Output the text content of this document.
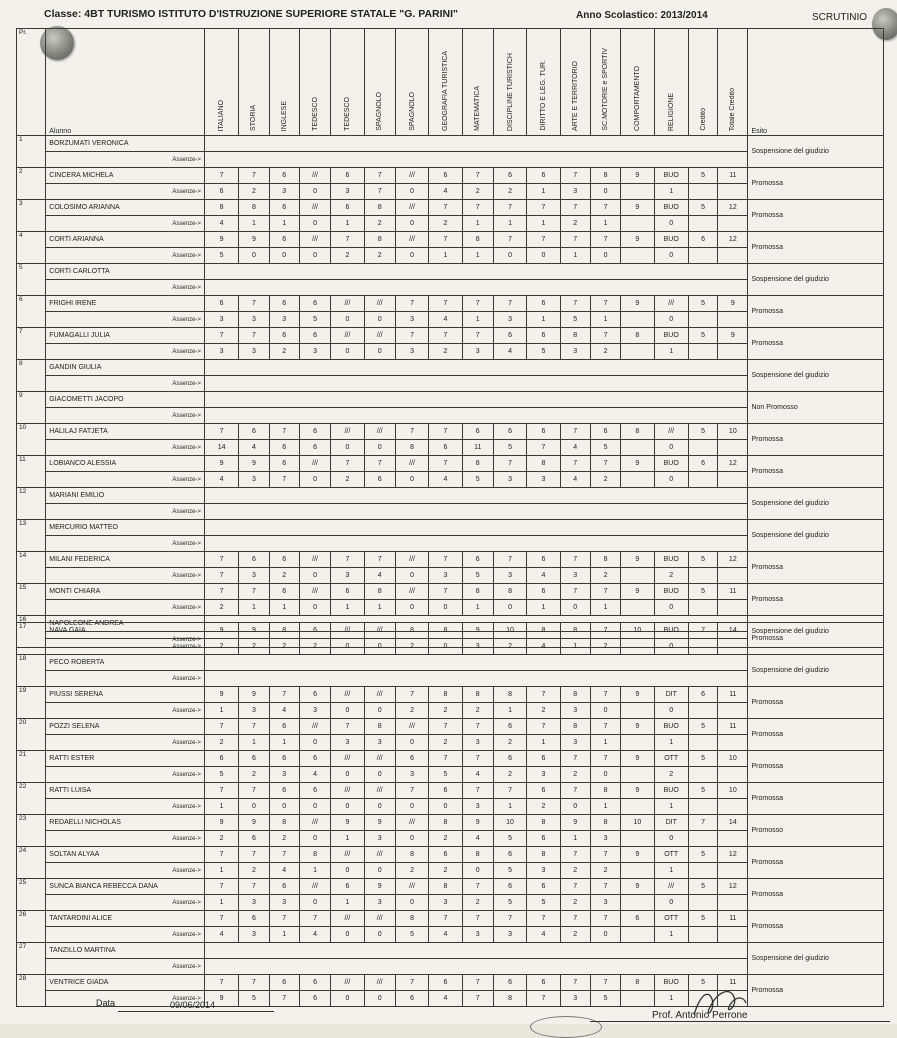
Classe: 4BT TURISMO ISTITUTO D'ISTRUZIONE SUPERIORE STATALE "G. PARINI"	Anno Scolastico: 2013/2014	SCRUTINIO
Pr.	Alunno	ITALIANO	STORIA	INGLESE	TEDESCO	TEDESCO	SPAGNOLO	SPAGNOLO	GEOGRAFIA TURISTICA	MATEMATICA	DISCIPLINE TURISTICH	DIRITTO E LEG. TUR.	ARTE E TERRITORIO	SC.MOTORIE e SPORTIV	COMPORTAMENTO	RELIGIONE	Credito	Totale Credito	Esito
1	BORZUMATI VERONICA																		Sospensione del giudizio
	Assenze->																		
2	CINCERA MICHELA	7	7	6	///	6	7	///	6	7	6	6	7	8	9	BUO	5	11	Promossa
	Assenze->	6	2	3	0	3	7	0	4	2	2	1	3	0		1			
3	COLOSIMO ARIANNA	8	8	6	///	6	8	///	7	7	7	7	7	7	9	BUO	5	12	Promossa
	Assenze->	4	1	1	0	1	2	0	2	1	1	1	2	1		0			
4	CORTI ARIANNA	9	9	6	///	7	8	///	7	8	7	7	7	7	9	BUO	6	12	Promossa
	Assenze->	5	0	0	0	2	2	0	1	1	0	0	1	0		0			
5	CORTI CARLOTTA																		Sospensione del giudizio
	Assenze->																		
6	FRIGHI IRENE	6	7	6	6	///	///	7	7	7	7	6	7	7	9	///	5	9	Promossa
	Assenze->	3	3	3	5	0	0	3	4	1	3	1	5	1		0			
7	FUMAGALLI JULIA	7	7	6	6	///	///	7	7	7	6	6	8	7	8	BUO	5	9	Promossa
	Assenze->	3	3	2	3	0	0	3	2	3	4	5	3	2		1			
8	GANDIN GIULIA																		Sospensione del giudizio
	Assenze->																		
9	GIACOMETTI JACOPO																		Non Promosso
	Assenze->																		
10	HALILAJ FATJETA	7	6	7	6	///	///	7	7	6	6	6	7	6	8	///	5	10	Promossa
	Assenze->	14	4	6	6	0	0	8	6	11	5	7	4	5		0			
11	LOBIANCO ALESSIA	9	9	6	///	7	7	///	7	8	7	8	7	7	9	BUO	6	12	Promossa
	Assenze->	4	3	7	0	2	6	0	4	5	3	3	4	2		0			
12	MARIANI EMILIO																		Sospensione del giudizio
	Assenze->																		
13	MERCURIO MATTEO																		Sospensione del giudizio
	Assenze->																		
14	MILANI FEDERICA	7	6	6	///	7	7	///	7	6	7	6	7	8	9	BUO	5	12	Promossa
	Assenze->	7	3	2	0	3	4	0	3	5	3	4	3	2		2			
15	MONTI CHIARA	7	7	6	///	6	8	///	7	8	8	6	7	7	9	BUO	5	11	Promossa
	Assenze->	2	1	1	0	1	1	0	0	1	0	1	0	1		0			
16	NAPOLEONE ANDREA																		Sospensione del giudizio
	Assenze->																		
17	NAVA GAIA	9	9	8	6	///	///	8	8	9	10	8	8	7	10	BUO	7	14	Promossa
	Assenze->	2	2	2	2	0	0	2	0	3	2	4	1	2		0			
18	PECO ROBERTA																		Sospensione del giudizio
	Assenze->																		
19	PIUSSI SERENA	9	9	7	6	///	///	7	8	8	8	7	8	7	9	DIT	6	11	Promossa
	Assenze->	1	3	4	3	0	0	2	2	2	1	2	3	0		0			
20	POZZI SELENA	7	7	6	///	7	8	///	7	7	6	7	8	7	9	BUO	5	11	Promossa
	Assenze->	2	1	1	0	3	3	0	2	3	2	1	3	1		1			
21	RATTI ESTER	6	6	6	6	///	///	6	7	7	6	6	7	7	9	OTT	5	10	Promossa
	Assenze->	5	2	3	4	0	0	3	5	4	2	3	2	0		2			
22	RATTI LUISA	7	7	6	6	///	///	7	6	7	7	6	7	8	9	BUO	5	10	Promossa
	Assenze->	1	0	0	0	0	0	0	0	3	1	2	0	1		1			
23	REDAELLI NICHOLAS	9	9	8	///	9	9	///	8	9	10	8	9	8	10	DIT	7	14	Promosso
	Assenze->	2	6	2	0	1	3	0	2	4	5	6	1	3		0			
24	SOLTAN ALYAA	7	7	7	8	///	///	8	6	8	6	8	7	7	9	OTT	5	12	Promossa
	Assenze->	1	2	4	1	0	0	2	2	0	5	3	2	2		1			
25	SUNCA BIANCA REBECCA DANA	7	7	6	///	6	9	///	8	7	6	6	7	7	9	///	5	12	Promossa
	Assenze->	1	3	3	0	1	3	0	3	2	5	5	2	3		0			
26	TANTARDINI ALICE	7	6	7	7	///	///	8	7	7	7	7	7	7	6	OTT	5	11	Promossa
	Assenze->	4	3	1	4	0	0	5	4	3	3	4	2	0		1			
27	TANZILLO MARTINA																		Sospensione del giudizio
	Assenze->																		
28	VENTRICE GIADA	7	7	6	6	///	///	7	6	7	6	6	7	7	8	BUO	5	11	Promossa
	Assenze->	9	5	7	6	0	0	6	4	7	8	7	3	5		1			
Data	09/06/2014
Prof. Antonio Perrone
